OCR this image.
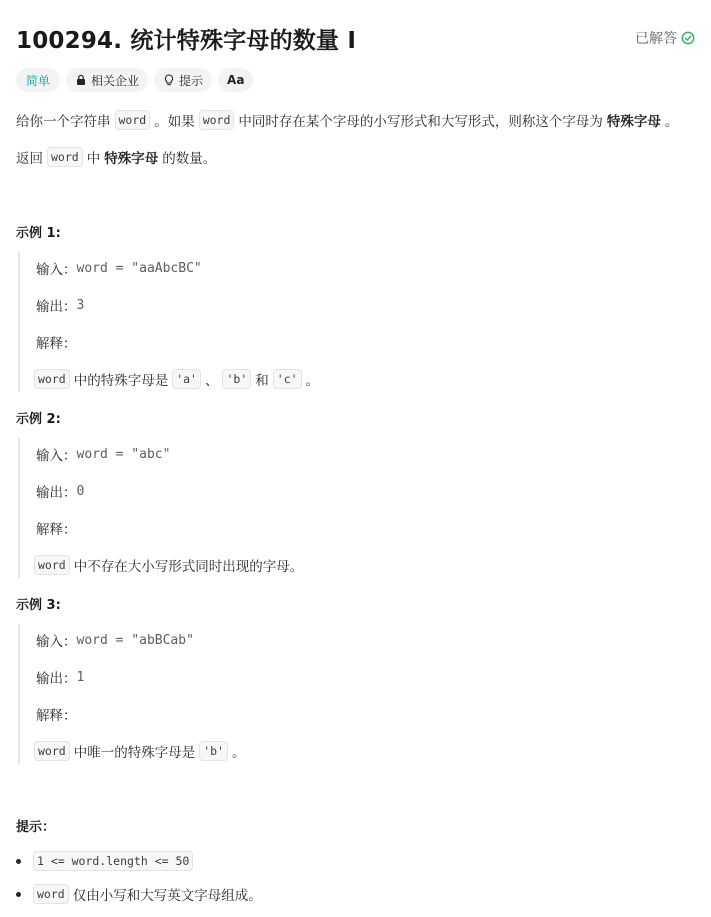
100294. 统计特殊字母的数量 I	已解答
简单	相关企业	提示 Aa
给你一个字符串 word 。如果 word 中同时存在某个字母的小写形式和大写形式，则称这个字母为 特殊字母 。
返回 word 中 特殊字母 的数量。
示例 1:
输入： word = "aaAbcBC"
输出： 3
解释：
word 中的特殊字母是 'a' 、 'b' 和 'c' 。
示例 2:
输入： word = "abc"
输出： 0
解释：
word 中不存在大小写形式同时出现的字母。
示例 3:
输入： word = "abBCab"
输出： 1
解释：
word 中唯一的特殊字母是 'b' 。
提示：
1 <= word.length <= 50
word 仅由小写和大写英文字母组成。
